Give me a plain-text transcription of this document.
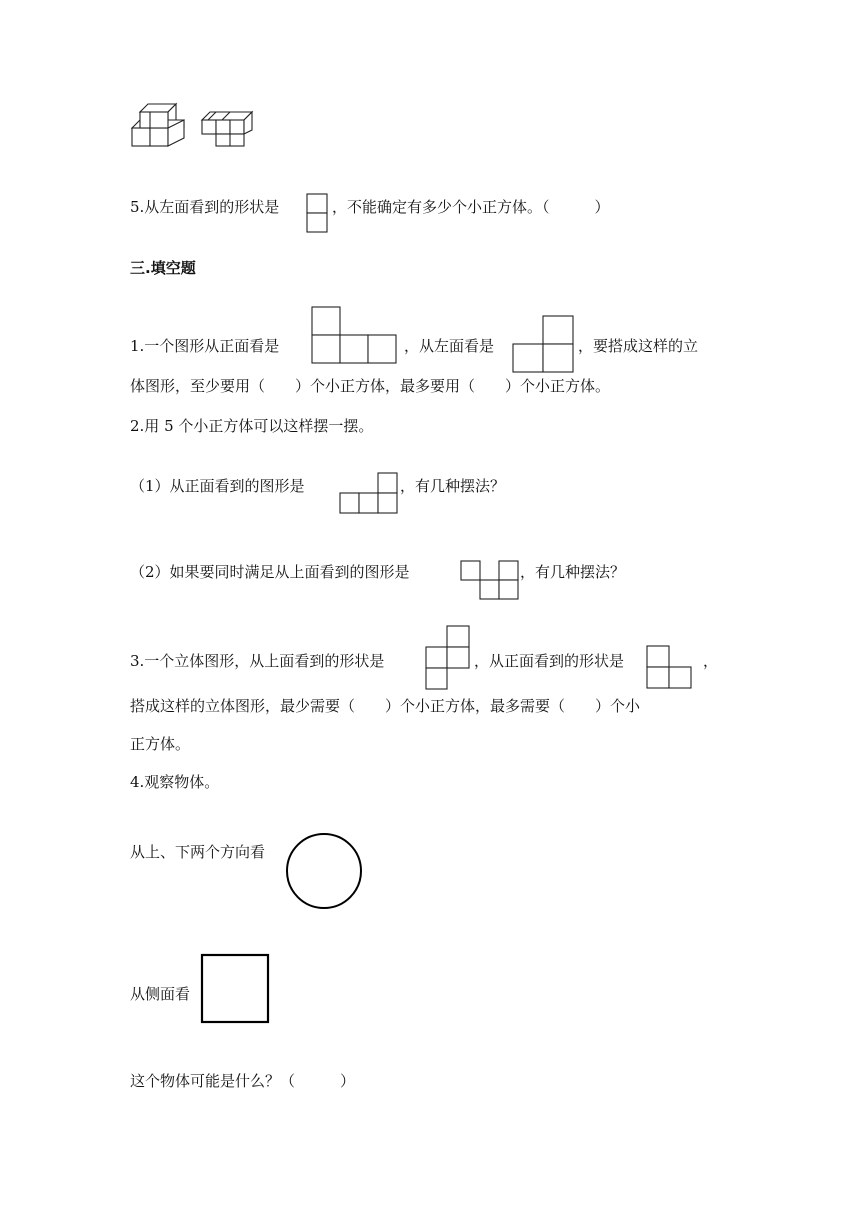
5.从左面看到的形状是	，不能确定有多少个小正方体。（　　　）
三.填空题
1.一个图形从正面看是	，从左面看是	，要搭成这样的立
体图形，至少要用（　　）个小正方体，最多要用（　　）个小正方体。
2.用 5 个小正方体可以这样摆一摆。
（1）从正面看到的图形是	，有几种摆法？
（2）如果要同时满足从上面看到的图形是	，有几种摆法？
3.一个立体图形，从上面看到的形状是	，从正面看到的形状是	，
搭成这样的立体图形，最少需要（　　）个小正方体，最多需要（　　）个小
正方体。
4.观察物体。
从上、下两个方向看
从侧面看
这个物体可能是什么？（　　　）
